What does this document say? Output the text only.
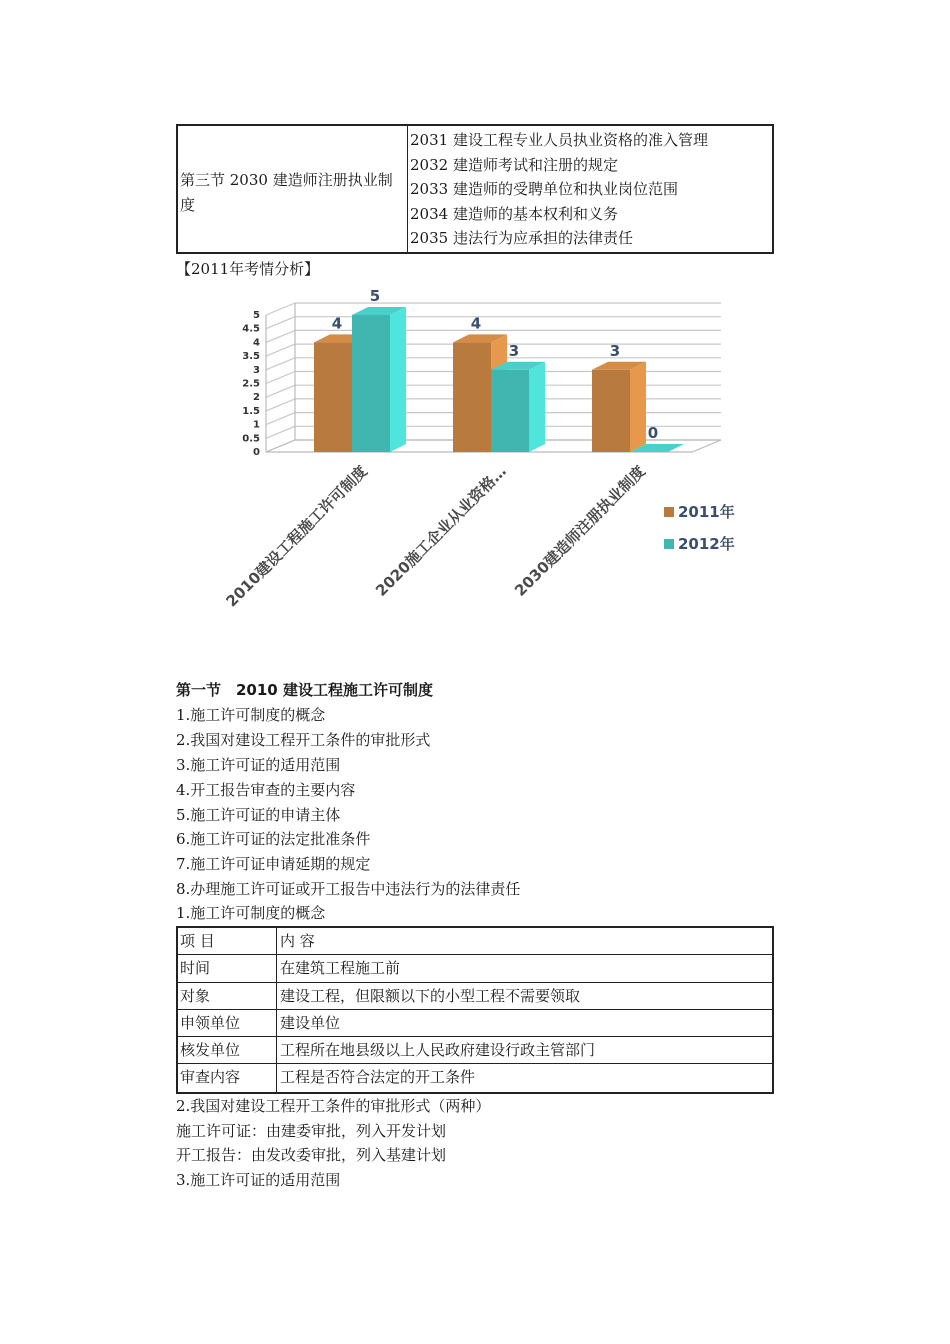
第三节 2030 建造师注册执业制度
2031 建设工程专业人员执业资格的准入管理
2032 建造师考试和注册的规定
2033 建造师的受聘单位和执业岗位范围
2034 建造师的基本权利和义务
2035 违法行为应承担的法律责任
【2011年考情分析】
0
0.5
1
1.5
2
2.5
3
3.5
4
4.5
5	4
5
2010建设工程施工许可制度
4
3
2020施工企业从业资格…
3
0
2030建造师注册执业制度 2011年
2012年
第一节　2010 建设工程施工许可制度
1.施工许可制度的概念
2.我国对建设工程开工条件的审批形式
3.施工许可证的适用范围
4.开工报告审查的主要内容
5.施工许可证的申请主体
6.施工许可证的法定批准条件
7.施工许可证申请延期的规定
8.办理施工许可证或开工报告中违法行为的法律责任
1.施工许可制度的概念
项 目	内 容
时间	在建筑工程施工前
对象	建设工程，但限额以下的小型工程不需要领取
申领单位	建设单位
核发单位	工程所在地县级以上人民政府建设行政主管部门
审查内容	工程是否符合法定的开工条件
2.我国对建设工程开工条件的审批形式（两种）
施工许可证：由建委审批，列入开发计划
开工报告：由发改委审批，列入基建计划
3.施工许可证的适用范围
